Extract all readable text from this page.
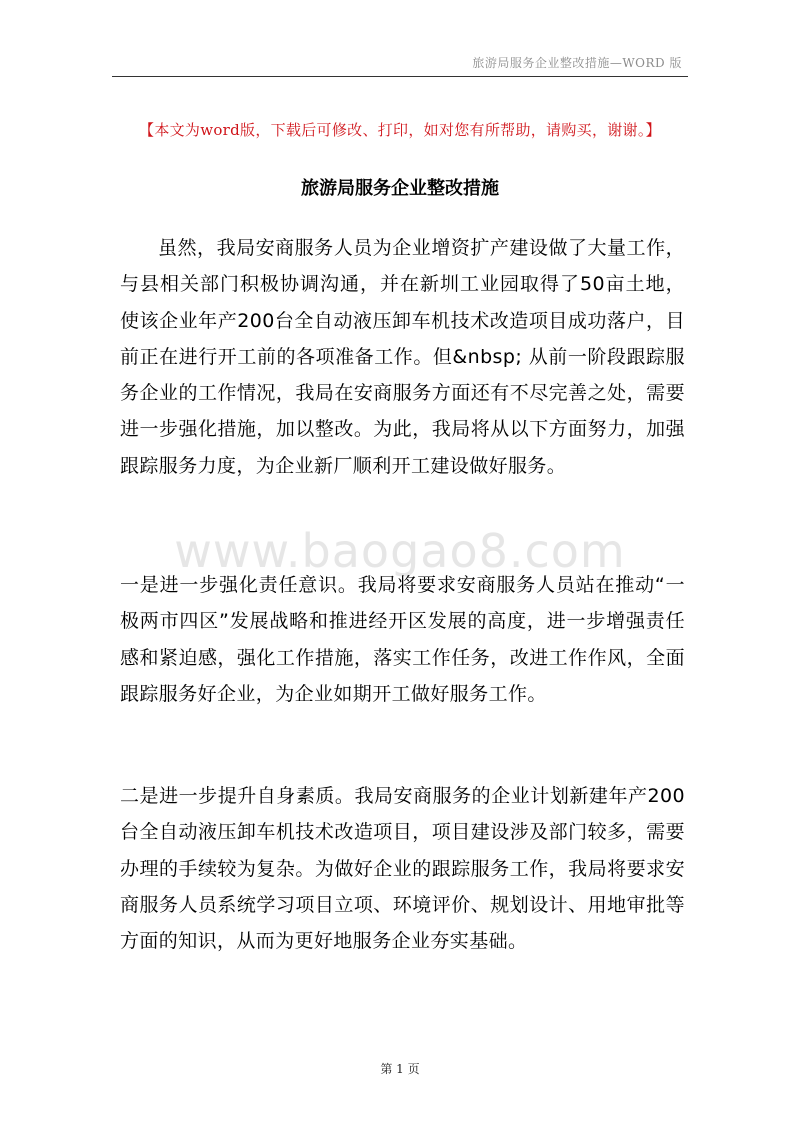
旅游局服务企业整改措施—WORD 版
【本文为word版，下载后可修改、打印，如对您有所帮助，请购买，谢谢。】
旅游局服务企业整改措施

虽然，我局安商服务人员为企业增资扩产建设做了大量工作，与县相关部门积极协调沟通，并在新圳工业园取得了50亩土地，使该企业年产200台全自动液压卸车机技术改造项目成功落户，目前正在进行开工前的各项准备工作。但&nbsp; 从前一阶段跟踪服务企业的工作情况，我局在安商服务方面还有不尽完善之处，需要进一步强化措施，加以整改。为此，我局将从以下方面努力，加强跟踪服务力度，为企业新厂顺利开工建设做好服务。

www.baogao8.com

一是进一步强化责任意识。我局将要求安商服务人员站在推动“一极两市四区”发展战略和推进经开区发展的高度，进一步增强责任感和紧迫感，强化工作措施，落实工作任务，改进工作作风，全面跟踪服务好企业，为企业如期开工做好服务工作。

二是进一步提升自身素质。我局安商服务的企业计划新建年产200台全自动液压卸车机技术改造项目，项目建设涉及部门较多，需要办理的手续较为复杂。为做好企业的跟踪服务工作，我局将要求安商服务人员系统学习项目立项、环境评价、规划设计、用地审批等方面的知识，从而为更好地服务企业夯实基础。

第 1 页
